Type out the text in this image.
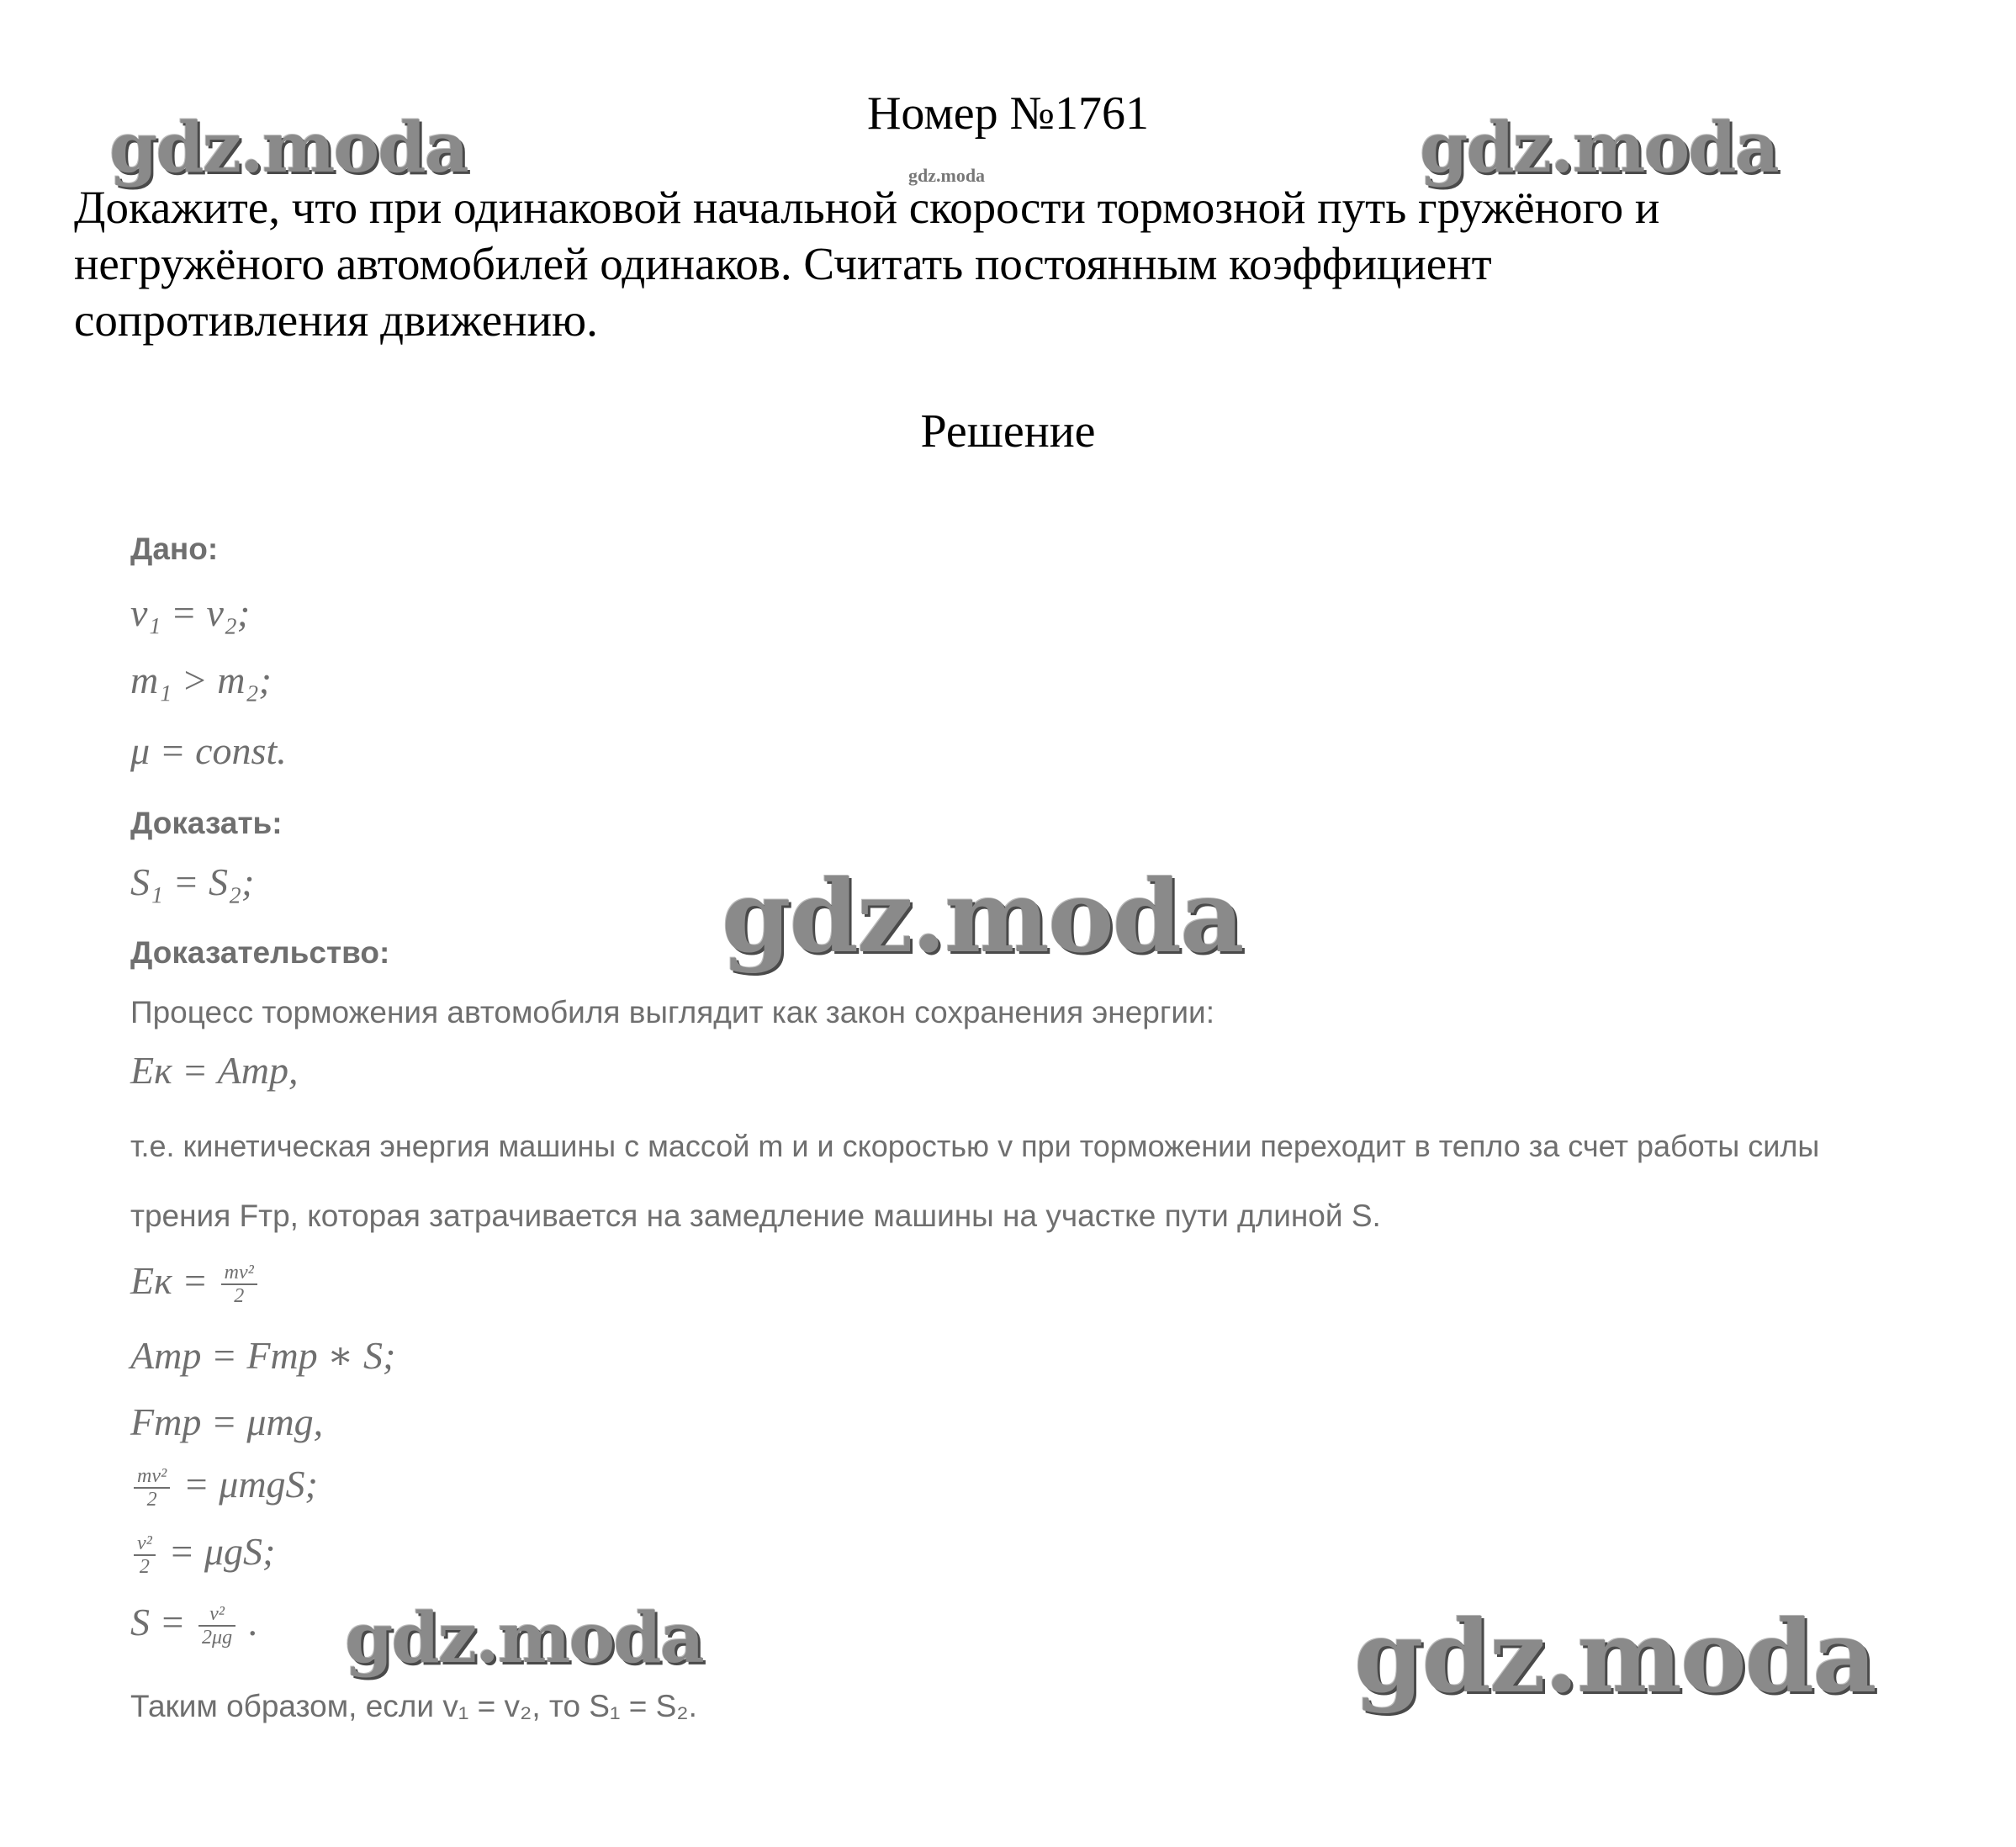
Номер №1761
gdz.moda
Докажите, что при одинаковой начальной скорости тормозной путь гружёного и
негружёного автомобилей одинаков. Считать постоянным коэффициент
сопротивления движению.
Решение
Дано:
v₁ = v₂;
m₁ > m₂;
μ = const.
Доказать:
S₁ = S₂;
Доказательство:
Процесс торможения автомобиля выглядит как закон сохранения энергии:
Eк = Aтр,
т.е. кинетическая энергия машины с массой m и и скоростью v при торможении переходит в тепло за счет работы силы
трения Fтр, которая затрачивается на замедление машины на участке пути длиной S.
Eк = $\frac{\text{mv²}}{2}$
Aтр = Fтр ∗ S;
Fтр = μmg,
$\frac{\text{mv²}}{2} = \mu mgS$;
$\frac{\text{v²}}{2} = \mu gS$;
$S = \frac{\text{v²}}{2\mu g}$ .
Таким образом, если v₁ = v₂, то S₁ = S₂.
gdz.moda	gdz.moda
gdz.moda
gdz.moda	gdz.moda
